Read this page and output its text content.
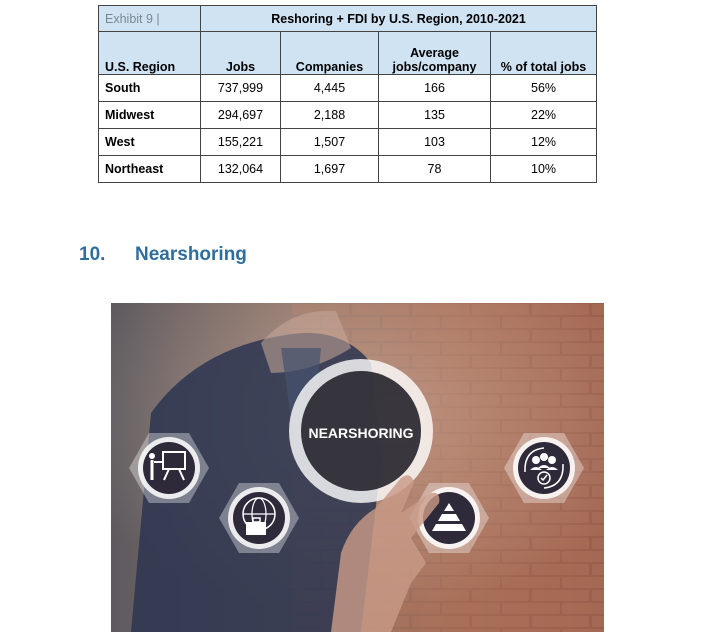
Exhibit 9 |	Reshoring + FDI by U.S. Region, 2010-2021			
U.S. Region	Jobs	Companies	Average jobs/company	% of total jobs
South	737,999	4,445	166	56%
Midwest	294,697	2,188	135	22%
West	155,221	1,507	103	12%
Northeast	132,064	1,697	78	10%
10. Nearshoring
NEARSHORING
